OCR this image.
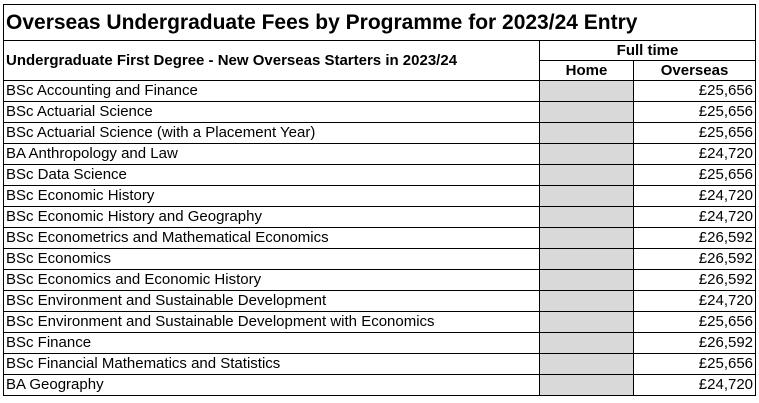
Overseas Undergraduate Fees by Programme for 2023/24 Entry		
Undergraduate First Degree - New Overseas Starters in 2023/24	Full time	
	Home	Overseas
BSc Accounting and Finance		£25,656
BSc Actuarial Science		£25,656
BSc Actuarial Science (with a Placement Year)		£25,656
BA Anthropology and Law		£24,720
BSc Data Science		£25,656
BSc Economic History		£24,720
BSc Economic History and Geography		£24,720
BSc Econometrics and Mathematical Economics		£26,592
BSc Economics		£26,592
BSc Economics and Economic History		£26,592
BSc Environment and Sustainable Development		£24,720
BSc Environment and Sustainable Development with Economics		£25,656
BSc Finance		£26,592
BSc Financial Mathematics and Statistics		£25,656
BA Geography		£24,720
